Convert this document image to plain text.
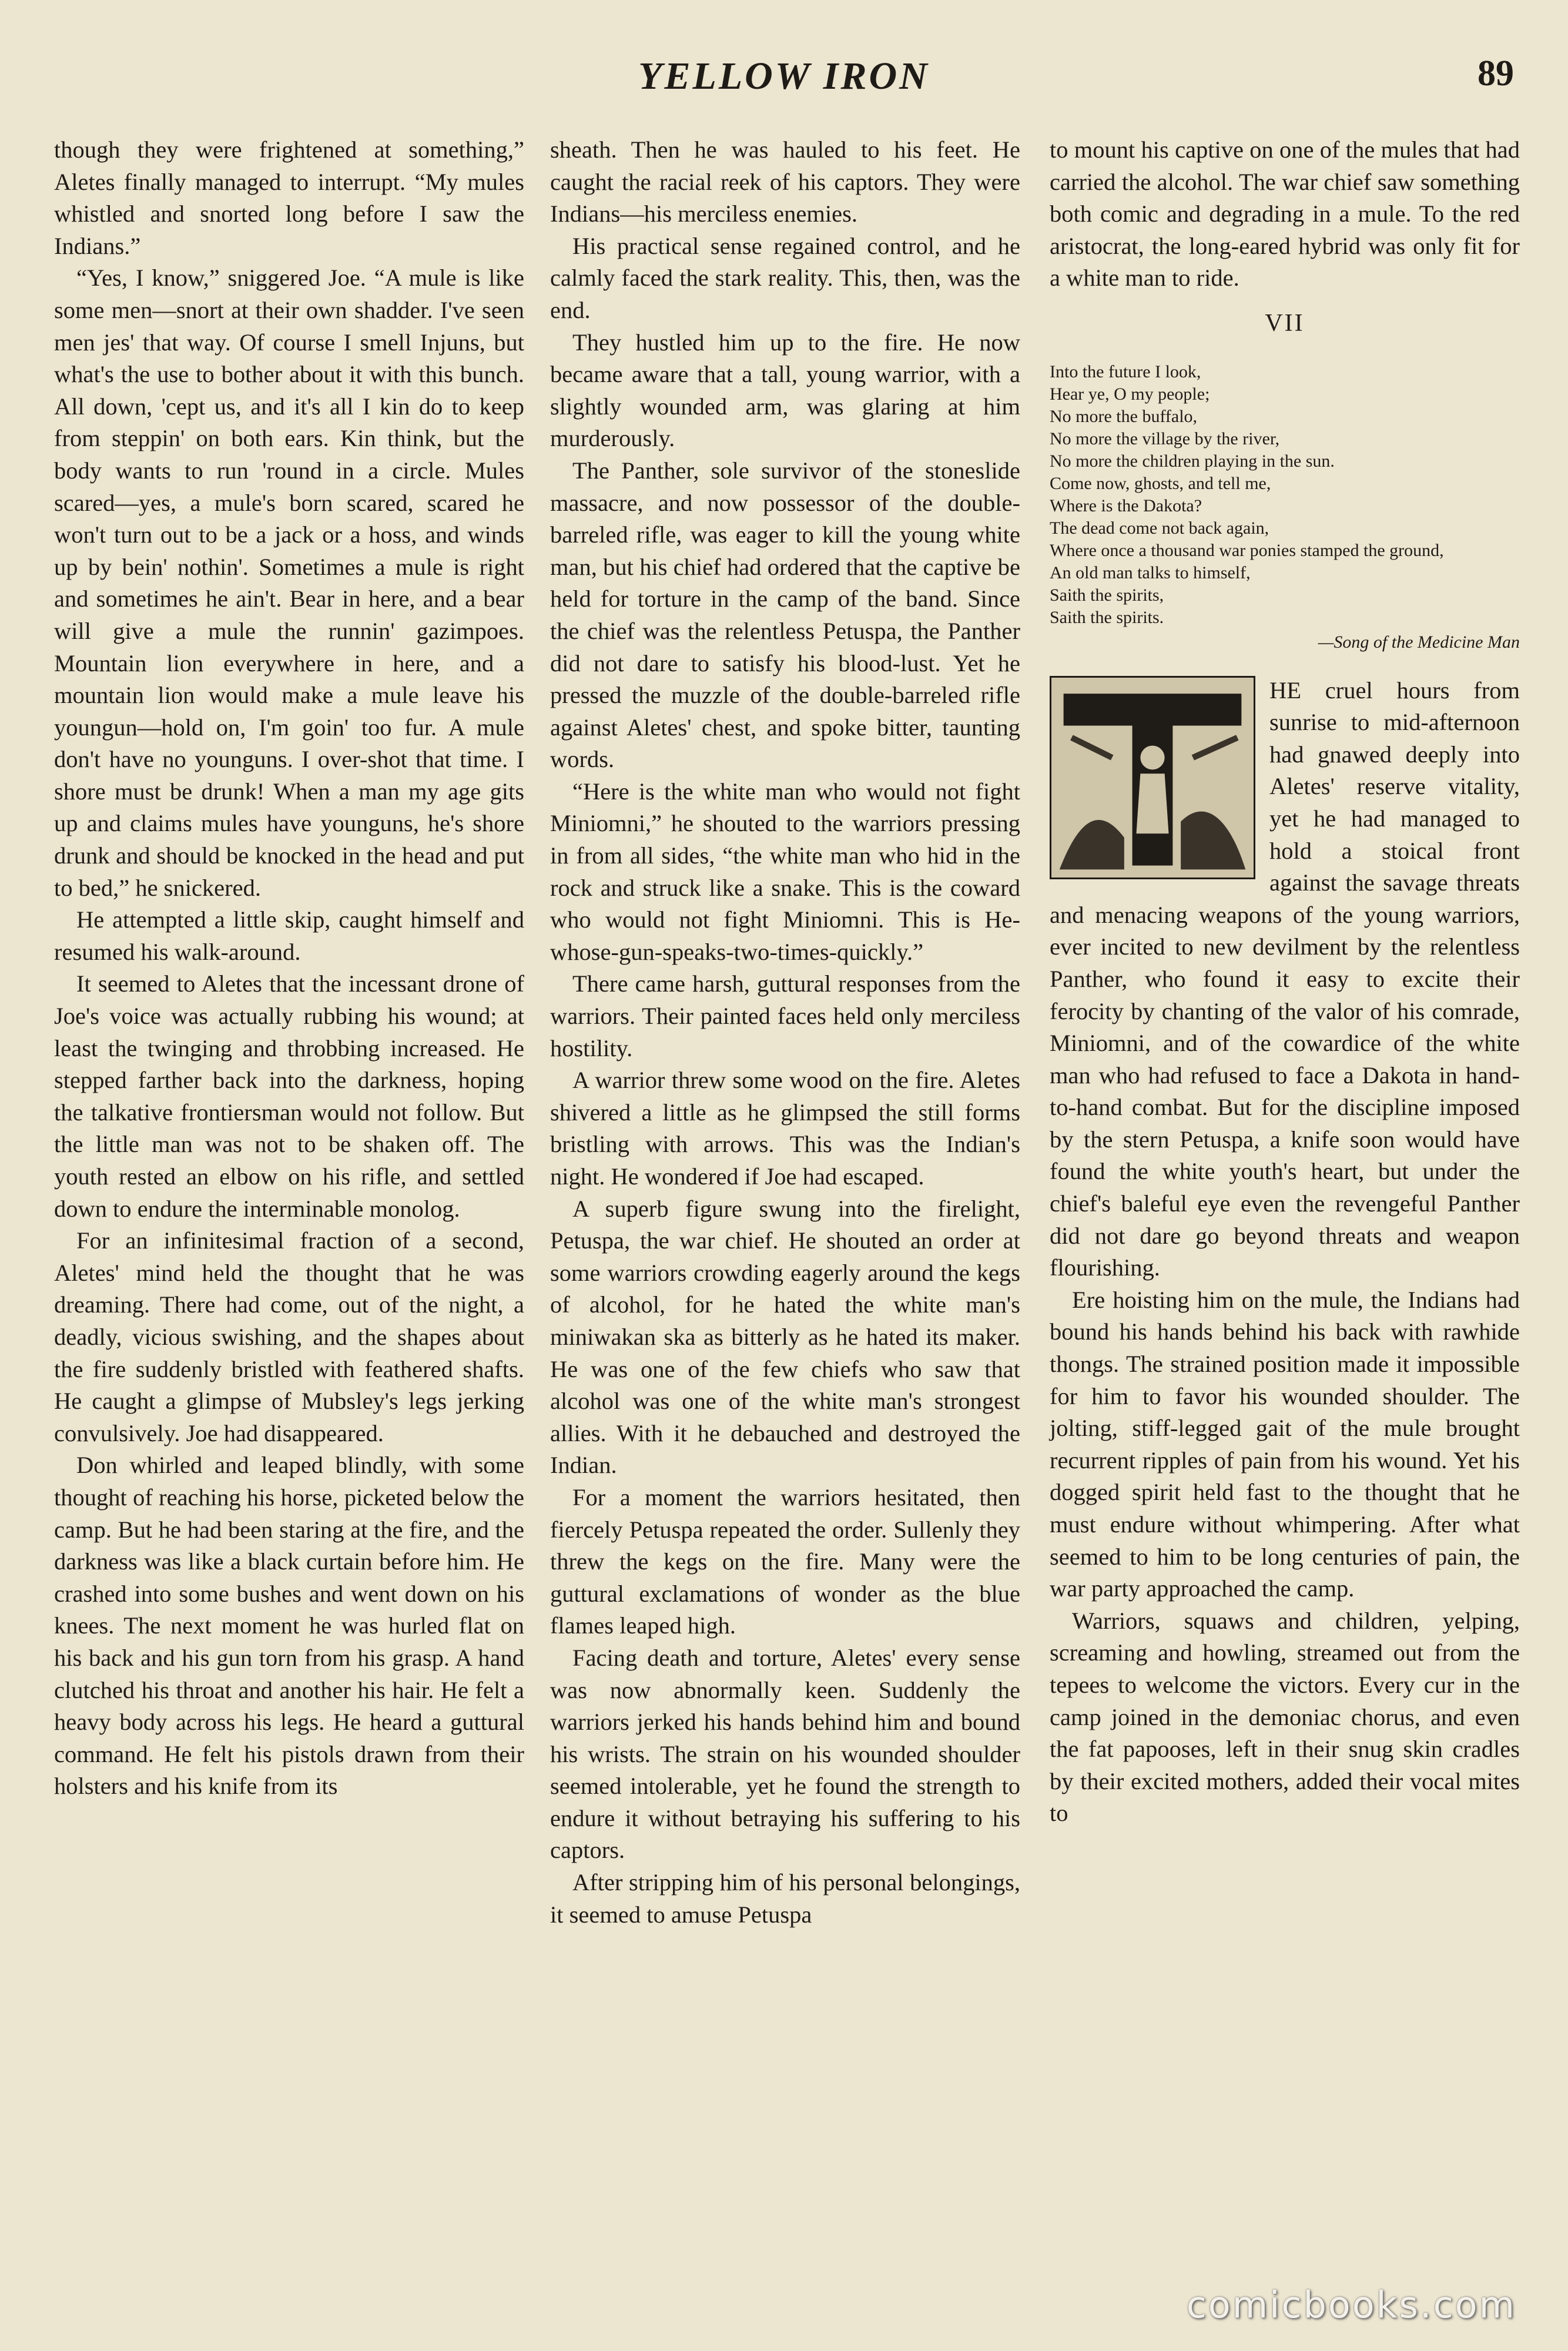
YELLOW IRON	89

though they were frightened at something,” Aletes finally managed to interrupt. “My mules whistled and snorted long before I saw the Indians.”

“Yes, I know,” sniggered Joe. “A mule is like some men—snort at their own shadder. I've seen men jes' that way. Of course I smell Injuns, but what's the use to bother about it with this bunch. All down, 'cept us, and it's all I kin do to keep from steppin' on both ears. Kin think, but the body wants to run 'round in a circle. Mules scared—yes, a mule's born scared, scared he won't turn out to be a jack or a hoss, and winds up by bein' nothin'. Sometimes a mule is right and sometimes he ain't. Bear in here, and a bear will give a mule the runnin' gazimpoes. Mountain lion everywhere in here, and a mountain lion would make a mule leave his youngun—hold on, I'm goin' too fur. A mule don't have no younguns. I over-shot that time. I shore must be drunk! When a man my age gits up and claims mules have younguns, he's shore drunk and should be knocked in the head and put to bed,” he snickered.

He attempted a little skip, caught himself and resumed his walk-around.

It seemed to Aletes that the incessant drone of Joe's voice was actually rubbing his wound; at least the twinging and throbbing increased. He stepped farther back into the darkness, hoping the talkative frontiersman would not follow. But the little man was not to be shaken off. The youth rested an elbow on his rifle, and settled down to endure the interminable monolog.

For an infinitesimal fraction of a second, Aletes' mind held the thought that he was dreaming. There had come, out of the night, a deadly, vicious swishing, and the shapes about the fire suddenly bristled with feathered shafts. He caught a glimpse of Mubsley's legs jerking convulsively. Joe had disappeared.

Don whirled and leaped blindly, with some thought of reaching his horse, picketed below the camp. But he had been staring at the fire, and the darkness was like a black curtain before him. He crashed into some bushes and went down on his knees. The next moment he was hurled flat on his back and his gun torn from his grasp. A hand clutched his throat and another his hair. He felt a heavy body across his legs. He heard a guttural command. He felt his pistols drawn from their holsters and his knife from its

sheath. Then he was hauled to his feet. He caught the racial reek of his captors. They were Indians—his merciless enemies.

His practical sense regained control, and he calmly faced the stark reality. This, then, was the end.

They hustled him up to the fire. He now became aware that a tall, young warrior, with a slightly wounded arm, was glaring at him murderously.

The Panther, sole survivor of the stoneslide massacre, and now possessor of the double-barreled rifle, was eager to kill the young white man, but his chief had ordered that the captive be held for torture in the camp of the band. Since the chief was the relentless Petuspa, the Panther did not dare to satisfy his blood-lust. Yet he pressed the muzzle of the double-barreled rifle against Aletes' chest, and spoke bitter, taunting words.

“Here is the white man who would not fight Miniomni,” he shouted to the warriors pressing in from all sides, “the white man who hid in the rock and struck like a snake. This is the coward who would not fight Miniomni. This is He-whose-gun-speaks-two-times-quickly.”

There came harsh, guttural responses from the warriors. Their painted faces held only merciless hostility.

A warrior threw some wood on the fire. Aletes shivered a little as he glimpsed the still forms bristling with arrows. This was the Indian's night. He wondered if Joe had escaped.

A superb figure swung into the firelight, Petuspa, the war chief. He shouted an order at some warriors crowding eagerly around the kegs of alcohol, for he hated the white man's miniwakan ska as bitterly as he hated its maker. He was one of the few chiefs who saw that alcohol was one of the white man's strongest allies. With it he debauched and destroyed the Indian.

For a moment the warriors hesitated, then fiercely Petuspa repeated the order. Sullenly they threw the kegs on the fire. Many were the guttural exclamations of wonder as the blue flames leaped high.

Facing death and torture, Aletes' every sense was now abnormally keen. Suddenly the warriors jerked his hands behind him and bound his wrists. The strain on his wounded shoulder seemed intolerable, yet he found the strength to endure it without betraying his suffering to his captors.

After stripping him of his personal belongings, it seemed to amuse Petuspa

to mount his captive on one of the mules that had carried the alcohol. The war chief saw something both comic and degrading in a mule. To the red aristocrat, the long-eared hybrid was only fit for a white man to ride.

VII
Into the future I look,
Hear ye, O my people;
No more the buffalo,
No more the village by the river,
No more the children playing in the sun.
Come now, ghosts, and tell me,
Where is the Dakota?
The dead come not back again,
Where once a thousand war ponies stamped the ground,
An old man talks to himself,
Saith the spirits,
Saith the spirits.
—Song of the Medicine Man

HE cruel hours from sunrise to mid-afternoon had gnawed deeply into Aletes' reserve vitality, yet he had managed to hold a stoical front against the savage threats and menacing weapons of the young warriors, ever incited to new devilment by the relentless Panther, who found it easy to excite their ferocity by chanting of the valor of his comrade, Miniomni, and of the cowardice of the white man who had refused to face a Dakota in hand-to-hand combat. But for the discipline imposed by the stern Petuspa, a knife soon would have found the white youth's heart, but under the chief's baleful eye even the revengeful Panther did not dare go beyond threats and weapon flourishing.

Ere hoisting him on the mule, the Indians had bound his hands behind his back with rawhide thongs. The strained position made it impossible for him to favor his wounded shoulder. The jolting, stiff-legged gait of the mule brought recurrent ripples of pain from his wound. Yet his dogged spirit held fast to the thought that he must endure without whimpering. After what seemed to him to be long centuries of pain, the war party approached the camp.

Warriors, squaws and children, yelping, screaming and howling, streamed out from the tepees to welcome the victors. Every cur in the camp joined in the demoniac chorus, and even the fat papooses, left in their snug skin cradles by their excited mothers, added their vocal mites to

comicbooks.com
